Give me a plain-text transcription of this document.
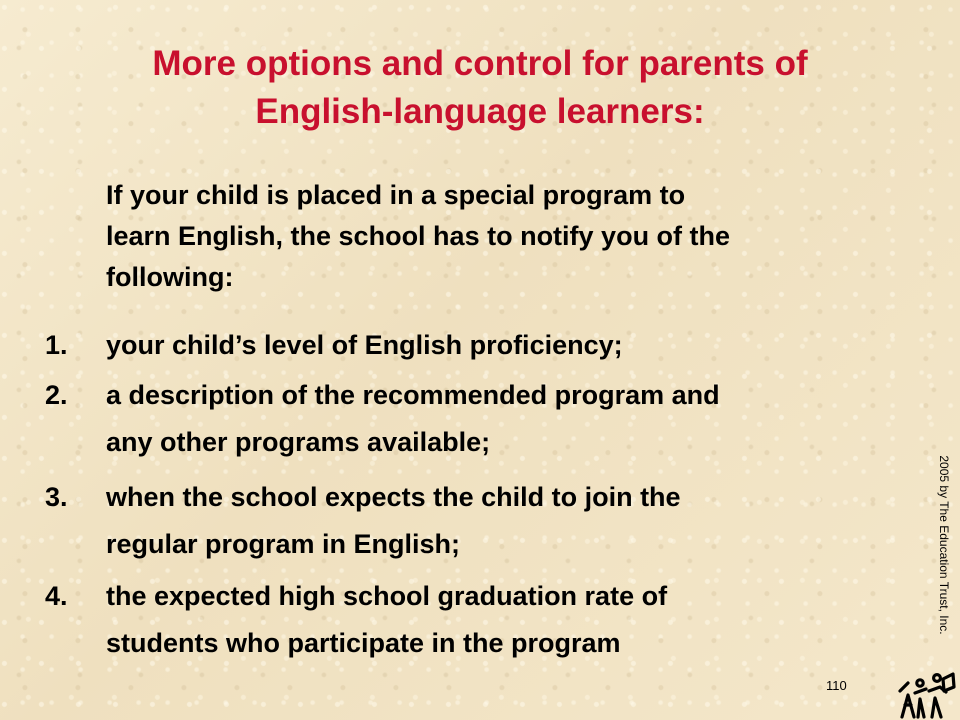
More options and control for parents of
English-language learners:

If your child is placed in a special program to
learn English, the school has to notify you of the
following:

1. your child’s level of English proficiency;
2. a description of the recommended program and
any other programs available;
3. when the school expects the child to join the
regular program in English;
4. the expected high school graduation rate of
students who participate in the program
2005 by The Education Trust, Inc.
110
